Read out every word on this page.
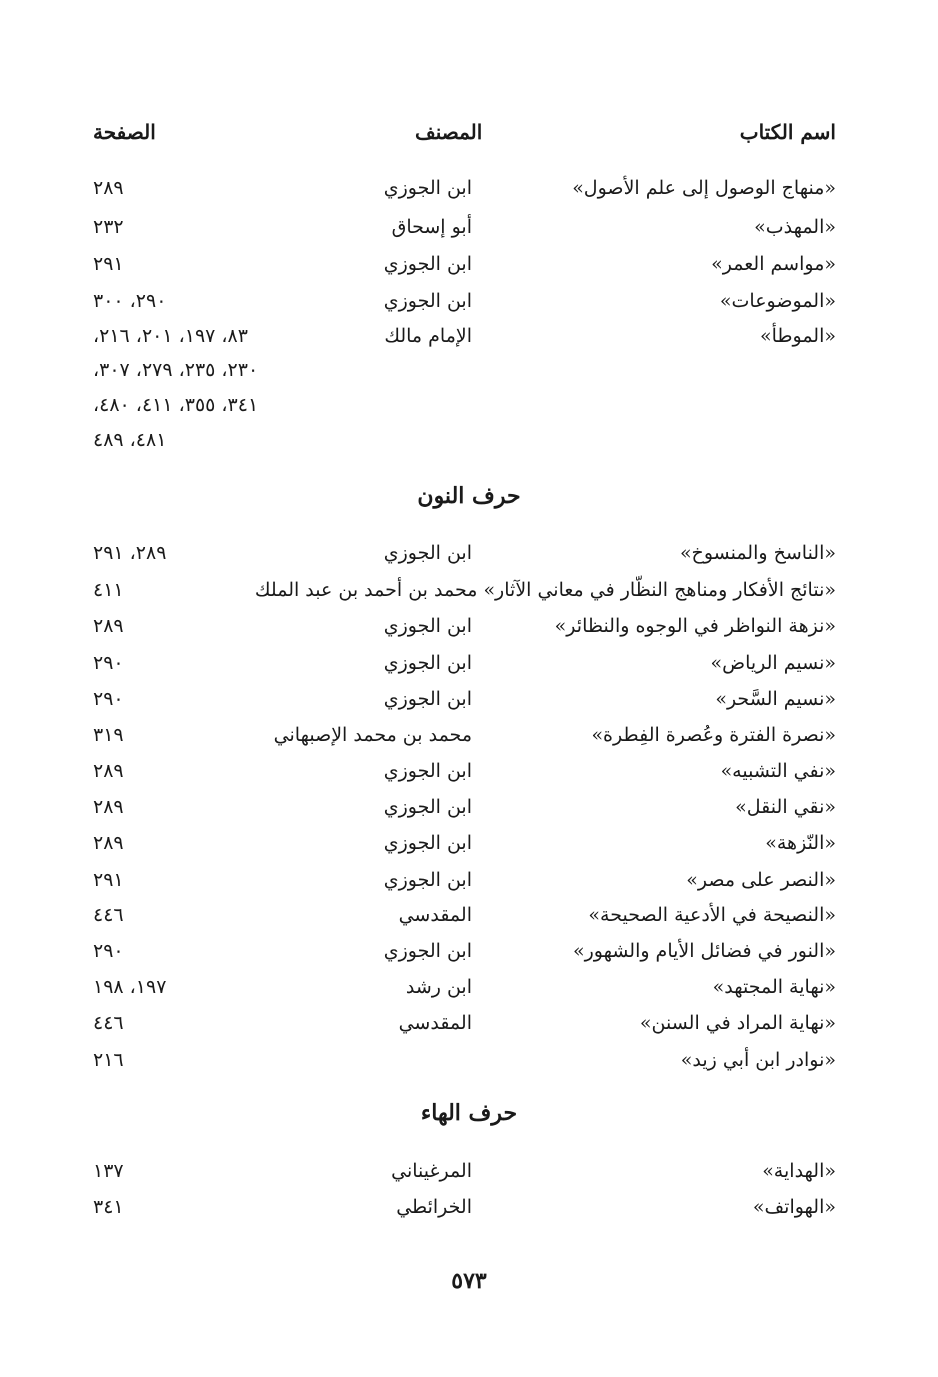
اسم الكتاب
المصنف
الصفحة
«منهاج الوصول إلى علم الأصول»
ابن الجوزي
٢٨٩
«المهذب»
أبو إسحاق
٢٣٢
«مواسم العمر»
ابن الجوزي
٢٩١
«الموضوعات»
ابن الجوزي
٢٩٠، ٣٠٠
«الموطأ»
الإمام مالك
٨٣، ١٩٧، ٢٠١، ٢١٦،
٢٣٠، ٢٣٥، ٢٧٩، ٣٠٧،
٣٤١، ٣٥٥، ٤١١، ٤٨٠،
٤٨١، ٤٨٩
حرف النون
«الناسخ والمنسوخ»
ابن الجوزي
٢٨٩، ٢٩١
«نتائج الأفكار ومناهج النظّار في معاني الآثار» محمد بن أحمد بن عبد الملك
٤١١
«نزهة النواظر في الوجوه والنظائر»
ابن الجوزي
٢٨٩
«نسيم الرياض»
ابن الجوزي
٢٩٠
«نسيم السَّحر»
ابن الجوزي
٢٩٠
«نصرة الفترة وعُصرة الفِطرة»
محمد بن محمد الإصبهاني
٣١٩
«نفي التشبيه»
ابن الجوزي
٢٨٩
«نقي النقل»
ابن الجوزي
٢٨٩
«النّزهة»
ابن الجوزي
٢٨٩
«النصر على مصر»
ابن الجوزي
٢٩١
«النصيحة في الأدعية الصحيحة»
المقدسي
٤٤٦
«النور في فضائل الأيام والشهور»
ابن الجوزي
٢٩٠
«نهاية المجتهد»
ابن رشد
١٩٧، ١٩٨
«نهاية المراد في السنن»
المقدسي
٤٤٦
«نوادر ابن أبي زيد»
٢١٦
حرف الهاء
«الهداية»
المرغيناني
١٣٧
«الهواتف»
الخرائطي
٣٤١
٥٧٣
